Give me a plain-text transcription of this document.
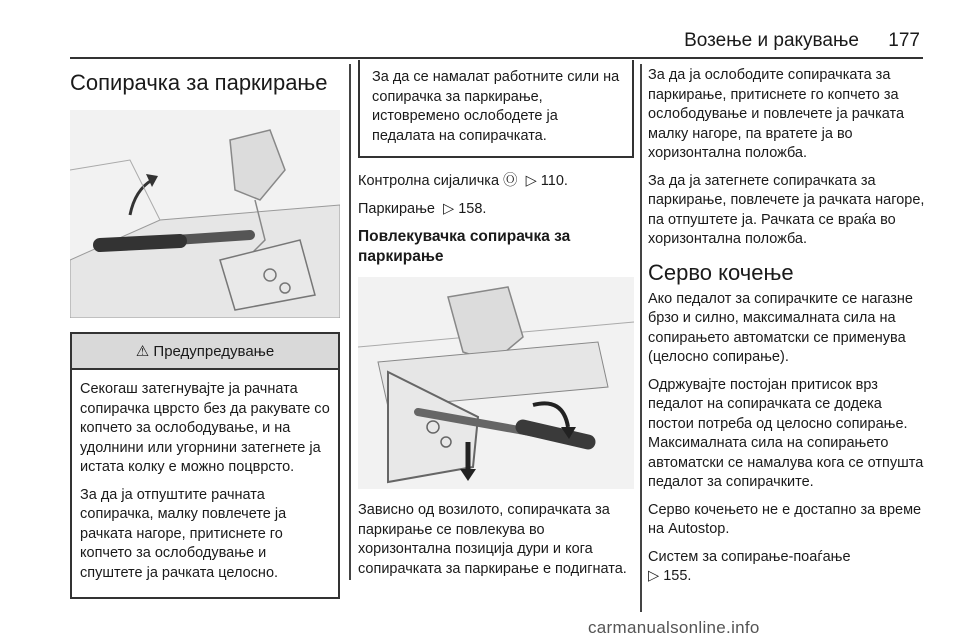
Возење и ракување 177
Сопирачка за паркирање
⚠ Предупредување

Секогаш затегнувајте ја рачната сопирачка цврсто без да ракувате со копчето за ослободување, и на удолнини или угорнини затегнете ја истата колку е можно поцврсто.

За да ја отпуштите рачната сопирачка, малку повлечете ја рачката нагоре, притиснете го копчето за ослободување и спуштете ја рачката целосно.

За да се намалат работните сили на сопирачка за паркирање, истовремено ослободете ја педалата на сопирачката.

Контролна сијаличка Ⓞ ▷ 110.

Паркирање ▷ 158.

Повлекувачка сопирачка за паркирање

Зависно од возилото, сопирачката за паркирање се повлекува во хоризонтална позиција дури и кога сопирачката за паркирање е подигната.

За да ја ослободите сопирачката за паркирање, притиснете го копчето за ослободување и повлечете ја рачката малку нагоре, па вратете ја во хоризонтална положба.

За да ја затегнете сопирачката за паркирање, повлечете ја рачката нагоре, па отпуштете ја. Рачката се враќа во хоризонтална положба.

Серво кочење

Ако педалот за сопирачките се нагазне брзо и силно, максималната сила на сопирањето автоматски се применува (целосно сопирање).

Одржувајте постојан притисок врз педалот на сопирачката се додека постои потреба од целосно сопирање. Максималната сила на сопирањето автоматски се намалува кога се отпушта педалот за сопирачките.

Серво кочењето не е достапно за време на Autostop.

Систем за сопирање-поаѓање
▷ 155.

carmanualsonline.info
